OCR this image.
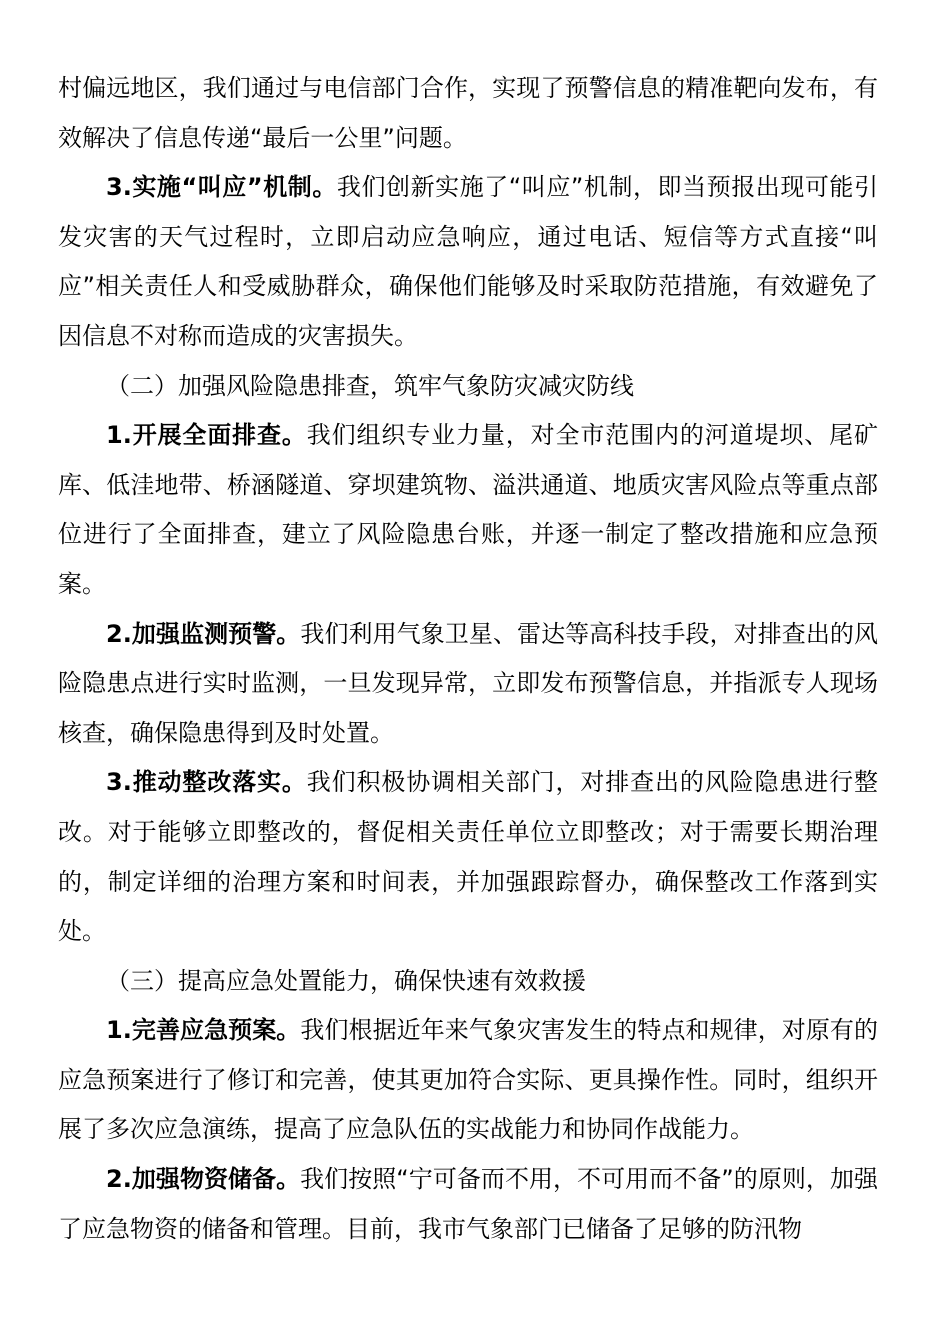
村偏远地区，我们通过与电信部门合作，实现了预警信息的精准靶向发布，有效解决了信息传递“最后一公里”问题。

3.实施“叫应”机制。我们创新实施了“叫应”机制，即当预报出现可能引发灾害的天气过程时，立即启动应急响应，通过电话、短信等方式直接“叫应”相关责任人和受威胁群众，确保他们能够及时采取防范措施，有效避免了因信息不对称而造成的灾害损失。

（二）加强风险隐患排查，筑牢气象防灾减灾防线

1.开展全面排查。我们组织专业力量，对全市范围内的河道堤坝、尾矿库、低洼地带、桥涵隧道、穿坝建筑物、溢洪通道、地质灾害风险点等重点部位进行了全面排查，建立了风险隐患台账，并逐一制定了整改措施和应急预案。

2.加强监测预警。我们利用气象卫星、雷达等高科技手段，对排查出的风险隐患点进行实时监测，一旦发现异常，立即发布预警信息，并指派专人现场核查，确保隐患得到及时处置。

3.推动整改落实。我们积极协调相关部门，对排查出的风险隐患进行整改。对于能够立即整改的，督促相关责任单位立即整改；对于需要长期治理的，制定详细的治理方案和时间表，并加强跟踪督办，确保整改工作落到实处。

（三）提高应急处置能力，确保快速有效救援

1.完善应急预案。我们根据近年来气象灾害发生的特点和规律，对原有的应急预案进行了修订和完善，使其更加符合实际、更具操作性。同时，组织开展了多次应急演练，提高了应急队伍的实战能力和协同作战能力。

2.加强物资储备。我们按照“宁可备而不用，不可用而不备”的原则，加强了应急物资的储备和管理。目前，我市气象部门已储备了足够的防汛物
